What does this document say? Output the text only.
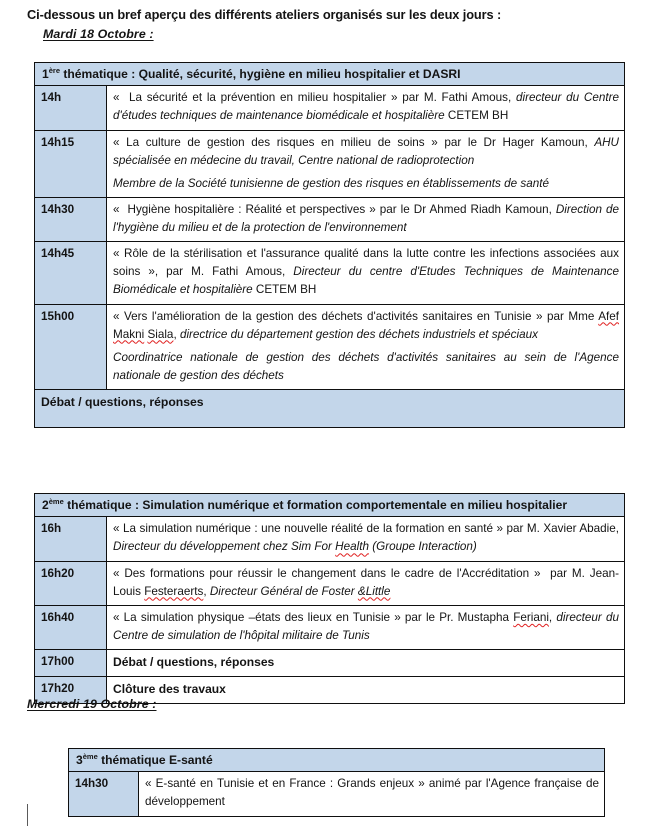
Ci-dessous un bref aperçu des différents ateliers organisés sur les deux jours :
Mardi 18 Octobre :
1ère thématique : Qualité, sécurité, hygiène en milieu hospitalier et DASRI	
14h	«  La sécurité et la prévention en milieu hospitalier » par M. Fathi Amous, directeur du Centre d'études techniques de maintenance biomédicale et hospitalière CETEM BH

14h15	« La culture de gestion des risques en milieu de soins » par le Dr Hager Kamoun, AHU spécialisée en médecine du travail, Centre national de radioprotection

Membre de la Société tunisienne de gestion des risques en établissements de santé

14h30	«  Hygiène hospitalière : Réalité et perspectives » par le Dr Ahmed Riadh Kamoun, Direction de l'hygiène du milieu et de la protection de l'environnement

14h45	« Rôle de la stérilisation et l'assurance qualité dans la lutte contre les infections associées aux soins », par M. Fathi Amous, Directeur du centre d'Etudes Techniques de Maintenance Biomédicale et hospitalière CETEM BH

15h00	« Vers l'amélioration de la gestion des déchets d'activités sanitaires en Tunisie » par Mme Afef Makni Siala, directrice du département gestion des déchets industriels et spéciaux

Coordinatrice nationale de gestion des déchets d'activités sanitaires au sein de l'Agence nationale de gestion des déchets

Débat / questions, réponses	
2ème thématique : Simulation numérique et formation comportementale en milieu hospitalier	
16h	« La simulation numérique : une nouvelle réalité de la formation en santé » par M. Xavier Abadie, Directeur du développement chez Sim For Health (Groupe Interaction)

16h20	« Des formations pour réussir le changement dans le cadre de l'Accréditation »  par M. Jean-Louis Festeraerts, Directeur Général de Foster &Little

16h40	« La simulation physique –états des lieux en Tunisie » par le Pr. Mustapha Feriani, directeur du Centre de simulation de l'hôpital militaire de Tunis

17h00	Débat / questions, réponses
17h20	Clôture des travaux
Mercredi 19 Octobre :
3ème thématique E-santé
14h30	« E-santé en Tunisie et en France : Grands enjeux » animé par l'Agence française de développement
